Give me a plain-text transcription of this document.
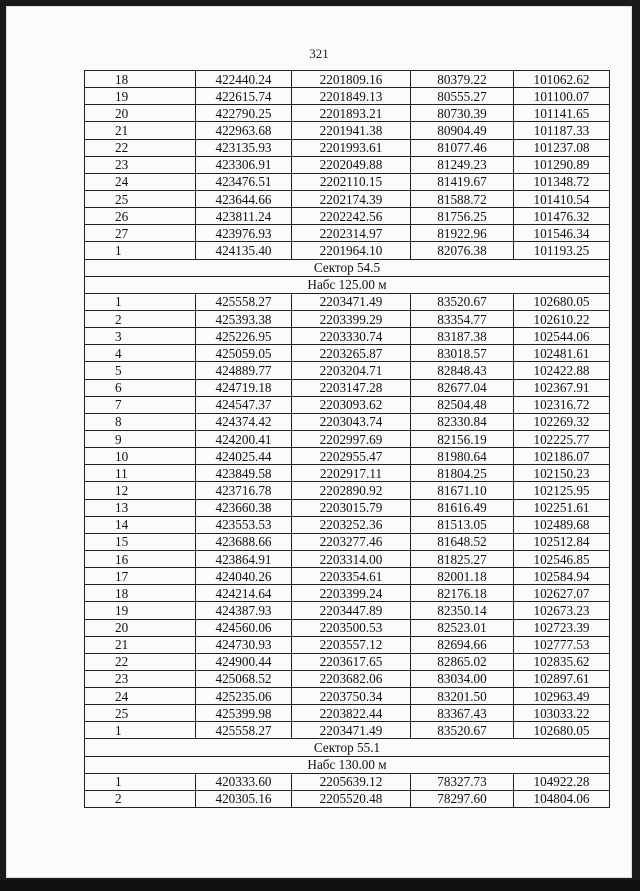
321
18	422440.24	2201809.16	80379.22	101062.62
19	422615.74	2201849.13	80555.27	101100.07
20	422790.25	2201893.21	80730.39	101141.65
21	422963.68	2201941.38	80904.49	101187.33
22	423135.93	2201993.61	81077.46	101237.08
23	423306.91	2202049.88	81249.23	101290.89
24	423476.51	2202110.15	81419.67	101348.72
25	423644.66	2202174.39	81588.72	101410.54
26	423811.24	2202242.56	81756.25	101476.32
27	423976.93	2202314.97	81922.96	101546.34
1	424135.40	2201964.10	82076.38	101193.25
Сектор 54.5				
Набс 125.00 м				
1	425558.27	2203471.49	83520.67	102680.05
2	425393.38	2203399.29	83354.77	102610.22
3	425226.95	2203330.74	83187.38	102544.06
4	425059.05	2203265.87	83018.57	102481.61
5	424889.77	2203204.71	82848.43	102422.88
6	424719.18	2203147.28	82677.04	102367.91
7	424547.37	2203093.62	82504.48	102316.72
8	424374.42	2203043.74	82330.84	102269.32
9	424200.41	2202997.69	82156.19	102225.77
10	424025.44	2202955.47	81980.64	102186.07
11	423849.58	2202917.11	81804.25	102150.23
12	423716.78	2202890.92	81671.10	102125.95
13	423660.38	2203015.79	81616.49	102251.61
14	423553.53	2203252.36	81513.05	102489.68
15	423688.66	2203277.46	81648.52	102512.84
16	423864.91	2203314.00	81825.27	102546.85
17	424040.26	2203354.61	82001.18	102584.94
18	424214.64	2203399.24	82176.18	102627.07
19	424387.93	2203447.89	82350.14	102673.23
20	424560.06	2203500.53	82523.01	102723.39
21	424730.93	2203557.12	82694.66	102777.53
22	424900.44	2203617.65	82865.02	102835.62
23	425068.52	2203682.06	83034.00	102897.61
24	425235.06	2203750.34	83201.50	102963.49
25	425399.98	2203822.44	83367.43	103033.22
1	425558.27	2203471.49	83520.67	102680.05
Сектор 55.1				
Набс 130.00 м				
1	420333.60	2205639.12	78327.73	104922.28
2	420305.16	2205520.48	78297.60	104804.06
